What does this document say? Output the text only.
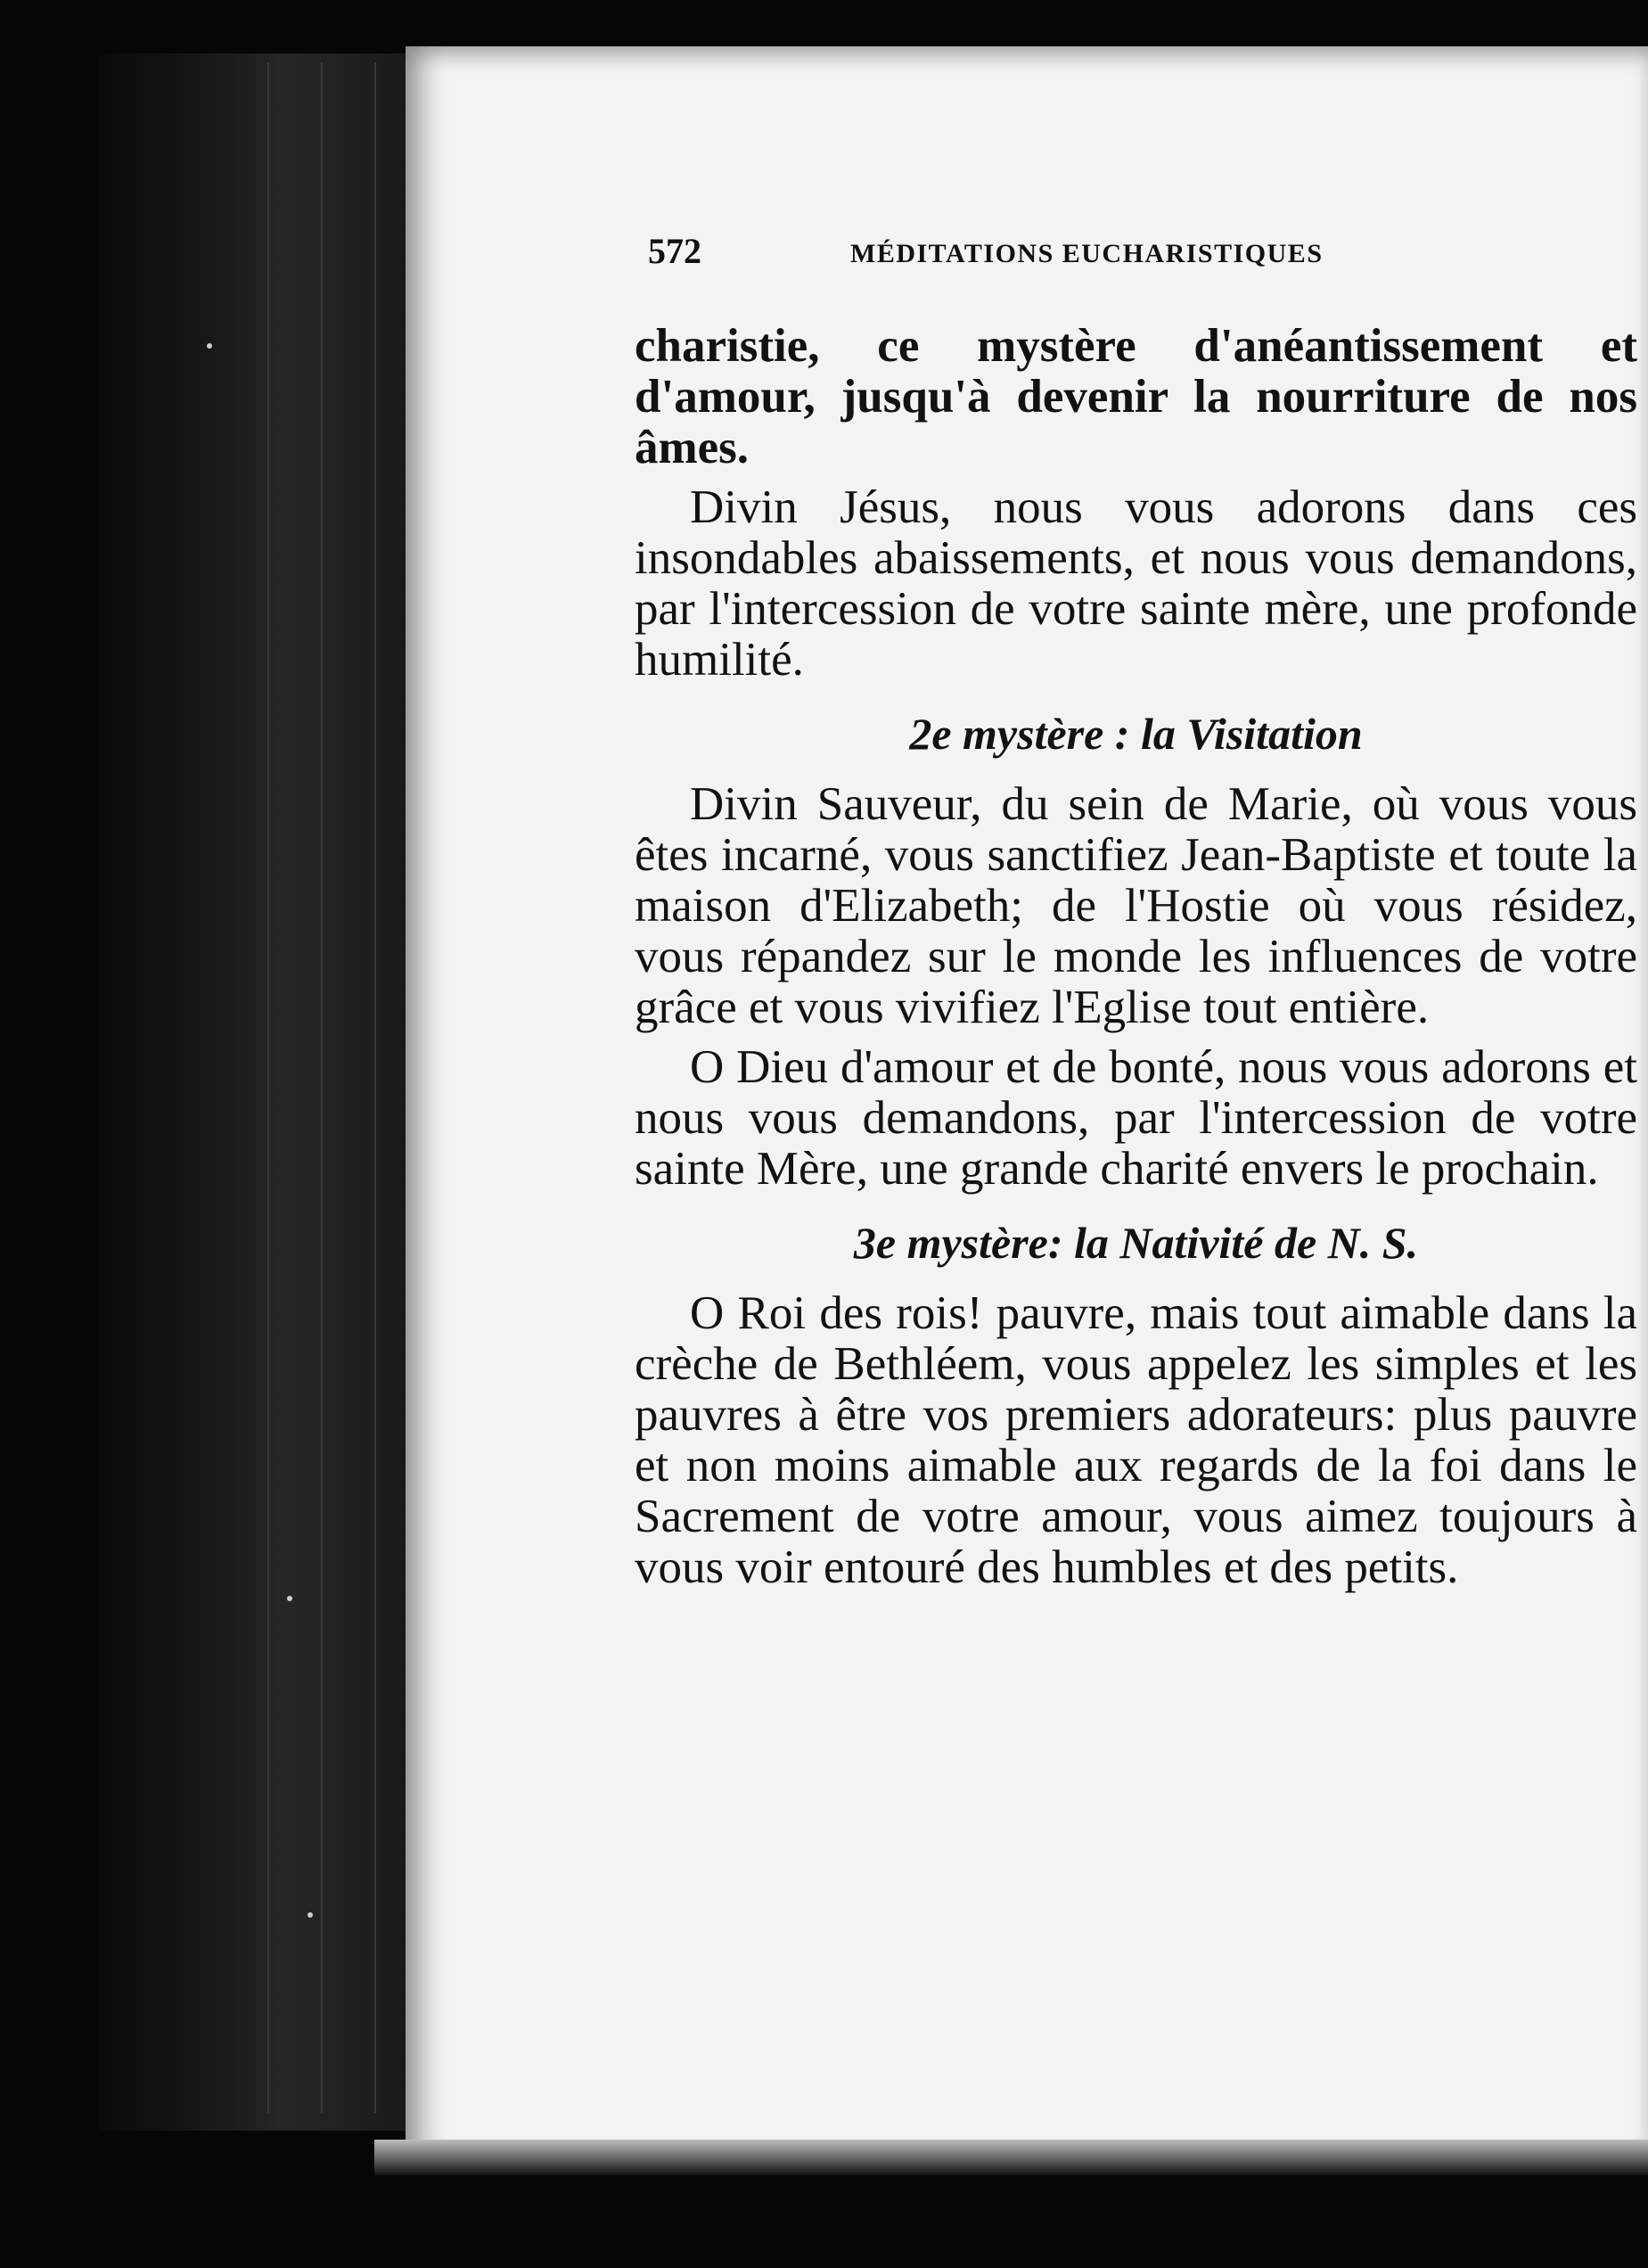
572	MÉDITATIONS EUCHARISTIQUES

charistie, ce mystère d'anéantissement et d'amour, jusqu'à devenir la nourriture de nos âmes.

Divin Jésus, nous vous adorons dans ces insondables abaissements, et nous vous demandons, par l'intercession de votre sainte mère, une profonde humilité.

2e mystère : la Visitation

Divin Sauveur, du sein de Marie, où vous vous êtes incarné, vous sanctifiez Jean-Baptiste et toute la maison d'Elizabeth; de l'Hostie où vous résidez, vous répandez sur le monde les influences de votre grâce et vous vivifiez l'Eglise tout entière.

O Dieu d'amour et de bonté, nous vous adorons et nous vous demandons, par l'intercession de votre sainte Mère, une grande charité envers le prochain.

3e mystère: la Nativité de N. S.

O Roi des rois! pauvre, mais tout aimable dans la crèche de Bethléem, vous appelez les simples et les pauvres à être vos premiers adorateurs: plus pauvre et non moins aimable aux regards de la foi dans le Sacrement de votre amour, vous aimez toujours à vous voir entouré des humbles et des petits.
